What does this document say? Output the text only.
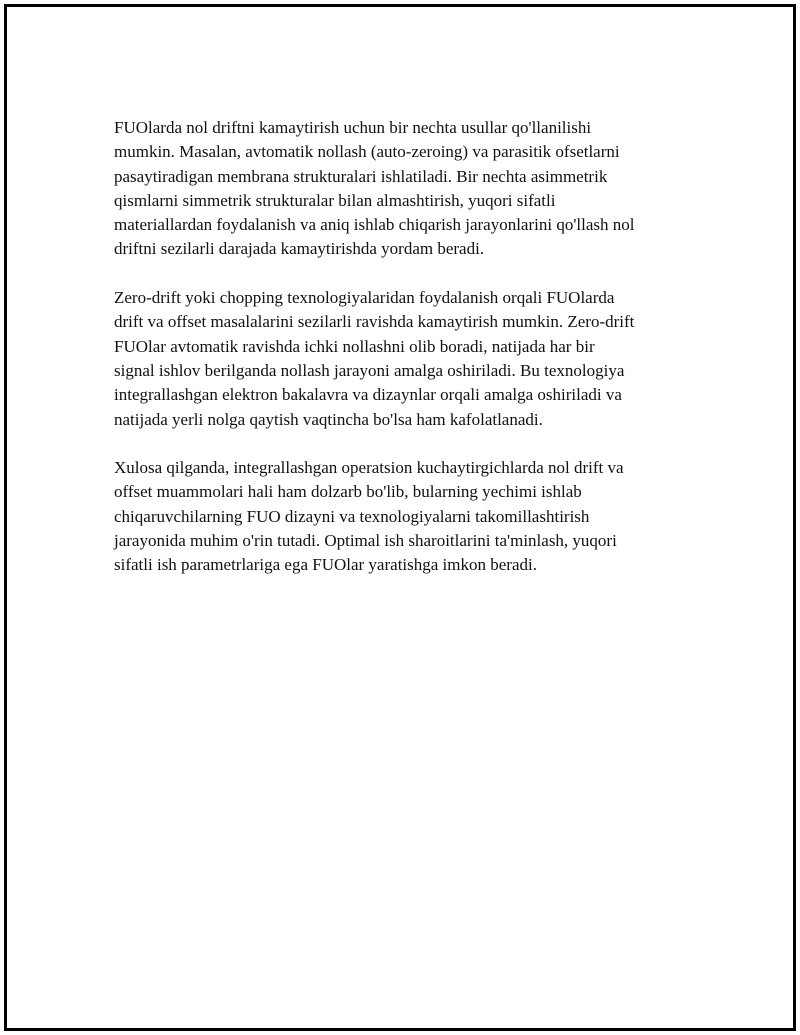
FUOlarda nol driftni kamaytirish uchun bir nechta usullar qo'llanilishi
mumkin. Masalan, avtomatik nollash (auto-zeroing) va parasitik ofsetlarni
pasaytiradigan membrana strukturalari ishlatiladi. Bir nechta asimmetrik
qismlarni simmetrik strukturalar bilan almashtirish, yuqori sifatli
materiallardan foydalanish va aniq ishlab chiqarish jarayonlarini qo'llash nol
driftni sezilarli darajada kamaytirishda yordam beradi.

Zero-drift yoki chopping texnologiyalaridan foydalanish orqali FUOlarda
drift va offset masalalarini sezilarli ravishda kamaytirish mumkin. Zero-drift
FUOlar avtomatik ravishda ichki nollashni olib boradi, natijada har bir
signal ishlov berilganda nollash jarayoni amalga oshiriladi. Bu texnologiya
integrallashgan elektron bakalavra va dizaynlar orqali amalga oshiriladi va
natijada yerli nolga qaytish vaqtincha bo'lsa ham kafolatlanadi.

Xulosa qilganda, integrallashgan operatsion kuchaytirgichlarda nol drift va
offset muammolari hali ham dolzarb bo'lib, bularning yechimi ishlab
chiqaruvchilarning FUO dizayni va texnologiyalarni takomillashtirish
jarayonida muhim o'rin tutadi. Optimal ish sharoitlarini ta'minlash, yuqori
sifatli ish parametrlariga ega FUOlar yaratishga imkon beradi.
